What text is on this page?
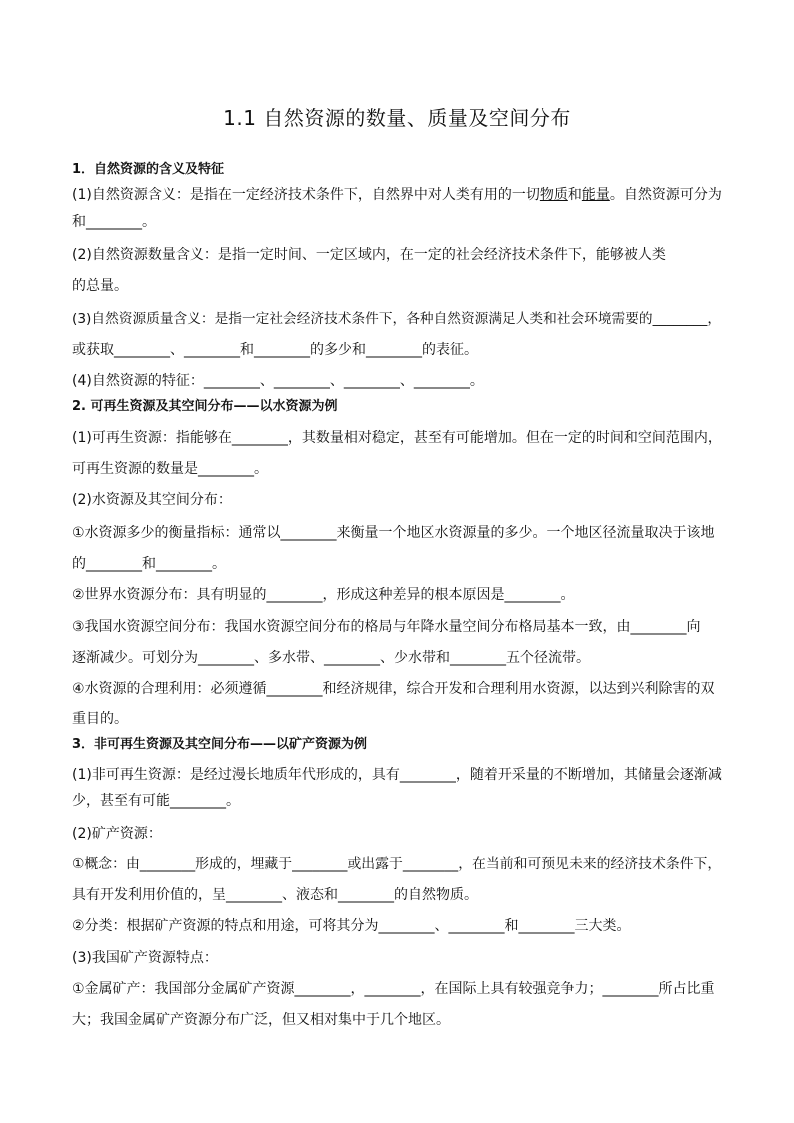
1.1 自然资源的数量、质量及空间分布
1．自然资源的含义及特征
(1)自然资源含义：是指在一定经济技术条件下，自然界中对人类有用的一切物质和能量。自然资源可分为
和________。
(2)自然资源数量含义：是指一定时间、一定区域内，在一定的社会经济技术条件下，能够被人类
的总量。
(3)自然资源质量含义：是指一定社会经济技术条件下，各种自然资源满足人类和社会环境需要的________，
或获取________、________和________的多少和________的表征。
(4)自然资源的特征：________、________、________、________。
2. 可再生资源及其空间分布——以水资源为例
(1)可再生资源：指能够在________，其数量相对稳定，甚至有可能增加。但在一定的时间和空间范围内，
可再生资源的数量是________。
(2)水资源及其空间分布：
①水资源多少的衡量指标：通常以________来衡量一个地区水资源量的多少。一个地区径流量取决于该地
的________和________。
②世界水资源分布：具有明显的________，形成这种差异的根本原因是________。
③我国水资源空间分布：我国水资源空间分布的格局与年降水量空间分布格局基本一致，由________向
逐渐减少。可划分为________、多水带、________、少水带和________五个径流带。
④水资源的合理利用：必须遵循________和经济规律，综合开发和合理利用水资源，以达到兴利除害的双
重目的。
3．非可再生资源及其空间分布——以矿产资源为例
(1)非可再生资源：是经过漫长地质年代形成的，具有________，随着开采量的不断增加，其储量会逐渐减
少，甚至有可能________。
(2)矿产资源：
①概念：由________形成的，埋藏于________或出露于________，在当前和可预见未来的经济技术条件下，
具有开发利用价值的，呈________、液态和________的自然物质。
②分类：根据矿产资源的特点和用途，可将其分为________、________和________三大类。
(3)我国矿产资源特点：
①金属矿产：我国部分金属矿产资源________，________，在国际上具有较强竞争力；________所占比重
大；我国金属矿产资源分布广泛，但又相对集中于几个地区。
